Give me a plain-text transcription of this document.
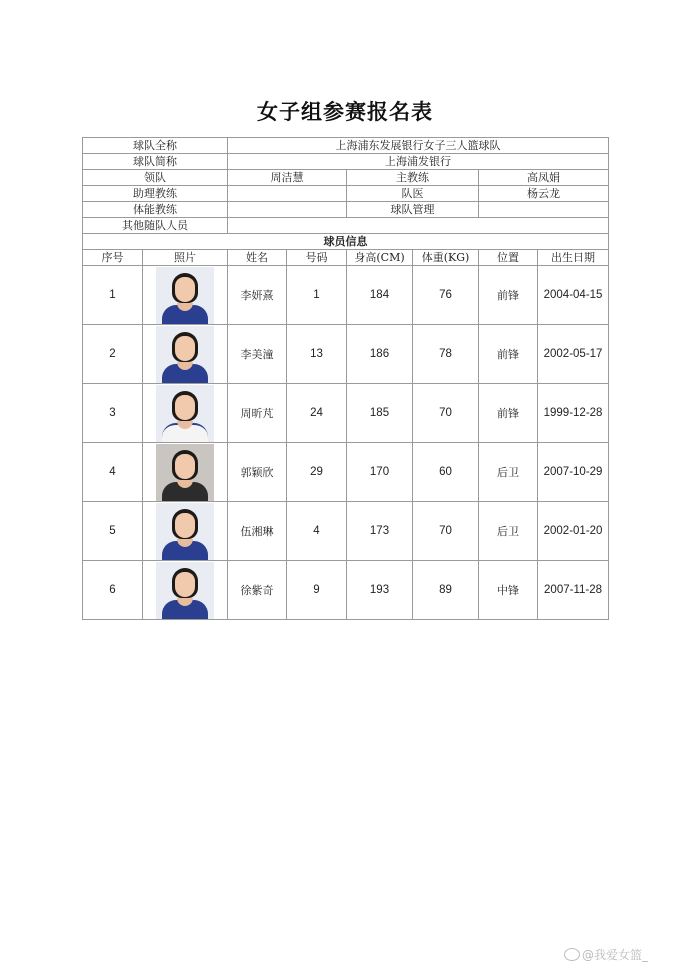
女子组参赛报名表
球队全称		上海浦东发展银行女子三人篮球队					
球队简称		上海浦发银行					
领队		周洁慧		主教练		高凤娟	
助理教练				队医		杨云龙	
体能教练				球队管理			
其他随队人员							
球员信息							
序号	照片	姓名	号码	身高(CM)	体重(KG)	位置	出生日期
1		李妍熹	1	184	76	前锋	2004-04-15
2		李美潼	13	186	78	前锋	2002-05-17
3		周昕芃	24	185	70	前锋	1999-12-28
4		郭颖欣	29	170	60	后卫	2007-10-29
5		伍湘琳	4	173	70	后卫	2002-01-20
6		徐紫奇	9	193	89	中锋	2007-11-28
@我爱女篮_
